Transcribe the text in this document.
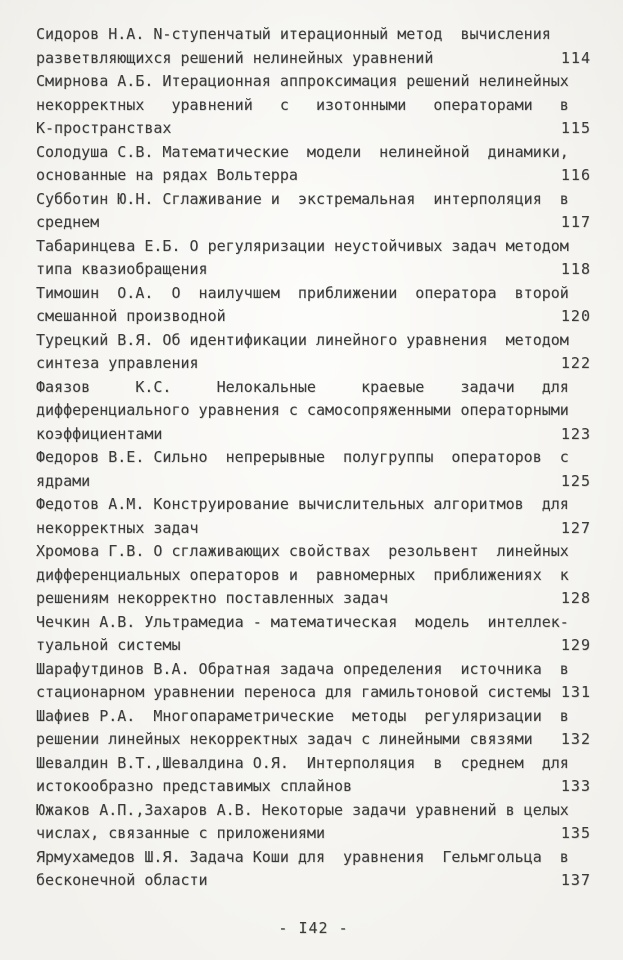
Сидоров Н.А. N-ступенчатый итерационный метод  вычисления
разветвляющихся решений нелинейных уравнений	114
Смирнова А.Б. Итерационная аппроксимация решений нелинейных
некорректных   уравнений   с   изотонными   операторами   в
К-пространствах	115
Солодуша С.В. Математические  модели  нелинейной  динамики,
основанные на рядах Вольтерра	116
Субботин Ю.Н. Сглаживание и  экстремальная  интерполяция  в
среднем	117
Табаринцева Е.Б. О регуляризации неустойчивых задач методом
типа квазиобращения	118
Тимошин  О.А.  О  наилучшем  приближении  оператора  второй
смешанной производной	120
Турецкий В.Я. Об идентификации линейного уравнения  методом
синтеза управления	122
Фаязов     К.С.     Нелокальные     краевые    задачи   для
дифференциального уравнения с самосопряженными операторными
коэффициентами	123
Федоров В.Е. Сильно  непрерывные  полугруппы  операторов  с
ядрами	125
Федотов А.М. Конструирование вычислительных алгоритмов  для
некорректных задач	127
Хромова Г.В. О сглаживающих свойствах  резольвент  линейных
дифференциальных операторов и  равномерных  приближениях  к
решениям некорректно поставленных задач	128
Чечкин А.В. Ультрамедиа - математическая  модель  интеллек-
туальной системы	129
Шарафутдинов В.А. Обратная задача определения  источника  в
стационарном уравнении переноса для гамильтоновой системы 131
Шафиев Р.А.  Многопараметрические  методы  регуляризации  в
решении линейных некорректных задач с линейными связями	132
Шевалдин В.Т.,Шевалдина О.Я.  Интерполяция  в  среднем  для
истокообразно представимых сплайнов	133
Южаков А.П.,Захаров А.В. Некоторые задачи уравнений в целых
числах, связанные с приложениями	135
Ярмухамедов Ш.Я. Задача Коши для  уравнения  Гельмгольца  в
бесконечной области	137
- I42 -
